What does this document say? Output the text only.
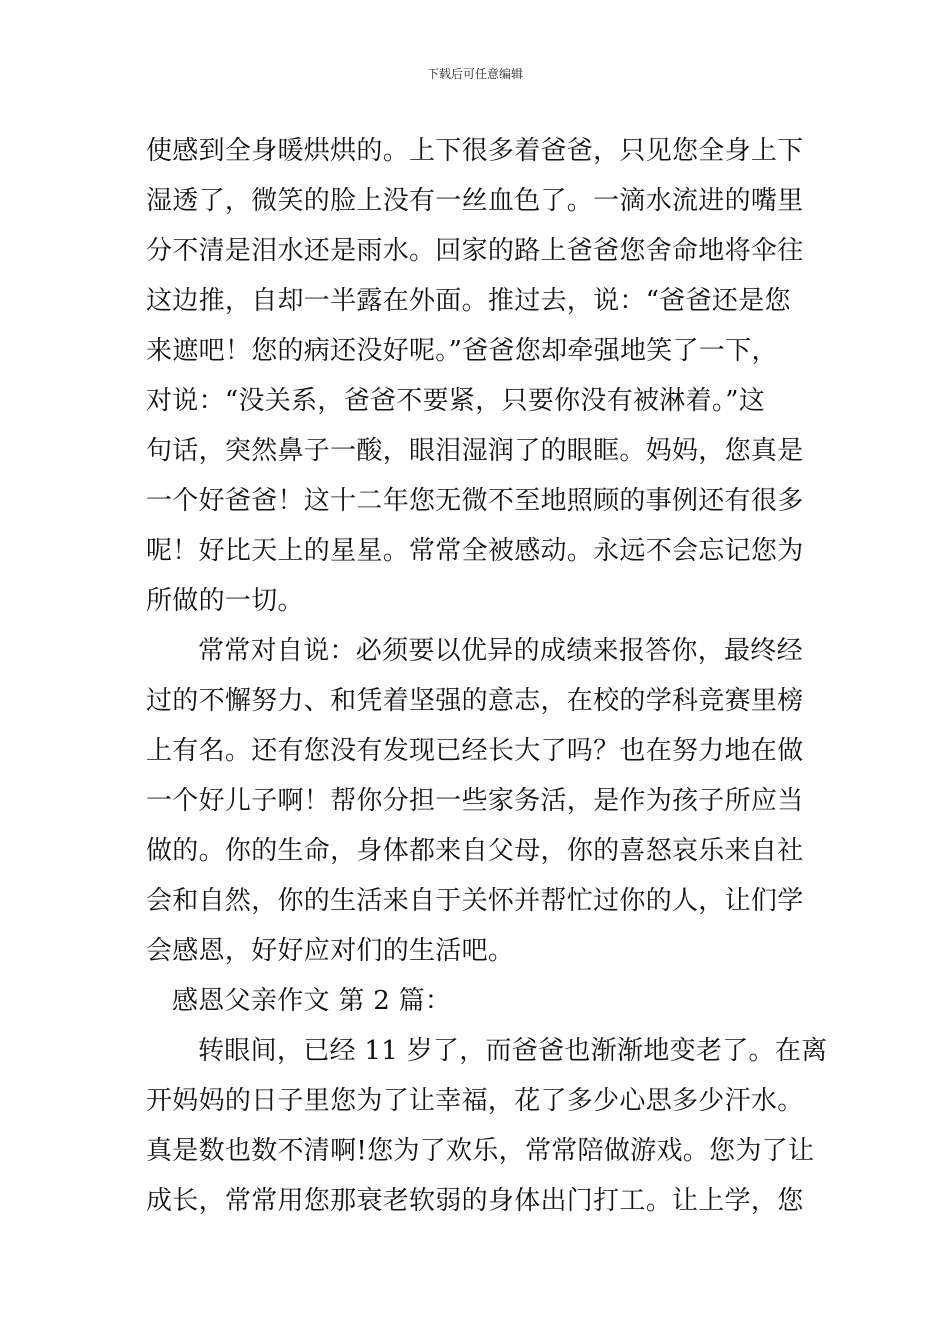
下载后可任意编辑
使感到全身暖烘烘的。上下很多着爸爸，只见您全身上下
湿透了，微笑的脸上没有一丝血色了。一滴水流进的嘴里
分不清是泪水还是雨水。回家的路上爸爸您舍命地将伞往
这边推，自却一半露在外面。推过去，说：“爸爸还是您
来遮吧！您的病还没好呢。”爸爸您却牵强地笑了一下，
对说：“没关系，爸爸不要紧，只要你没有被淋着。”这
句话，突然鼻子一酸，眼泪湿润了的眼眶。妈妈，您真是
一个好爸爸！这十二年您无微不至地照顾的事例还有很多
呢！好比天上的星星。常常全被感动。永远不会忘记您为
所做的一切。
常常对自说：必须要以优异的成绩来报答你，最终经
过的不懈努力、和凭着坚强的意志，在校的学科竞赛里榜
上有名。还有您没有发现已经长大了吗？也在努力地在做
一个好儿子啊！帮你分担一些家务活，是作为孩子所应当
做的。你的生命，身体都来自父母，你的喜怒哀乐来自社
会和自然，你的生活来自于关怀并帮忙过你的人，让们学
会感恩，好好应对们的生活吧。
感恩父亲作文 第 2 篇：
转眼间，已经 11 岁了，而爸爸也渐渐地变老了。在离
开妈妈的日子里您为了让幸福，花了多少心思多少汗水。
真是数也数不清啊!您为了欢乐，常常陪做游戏。您为了让
成长，常常用您那衰老软弱的身体出门打工。让上学，您
